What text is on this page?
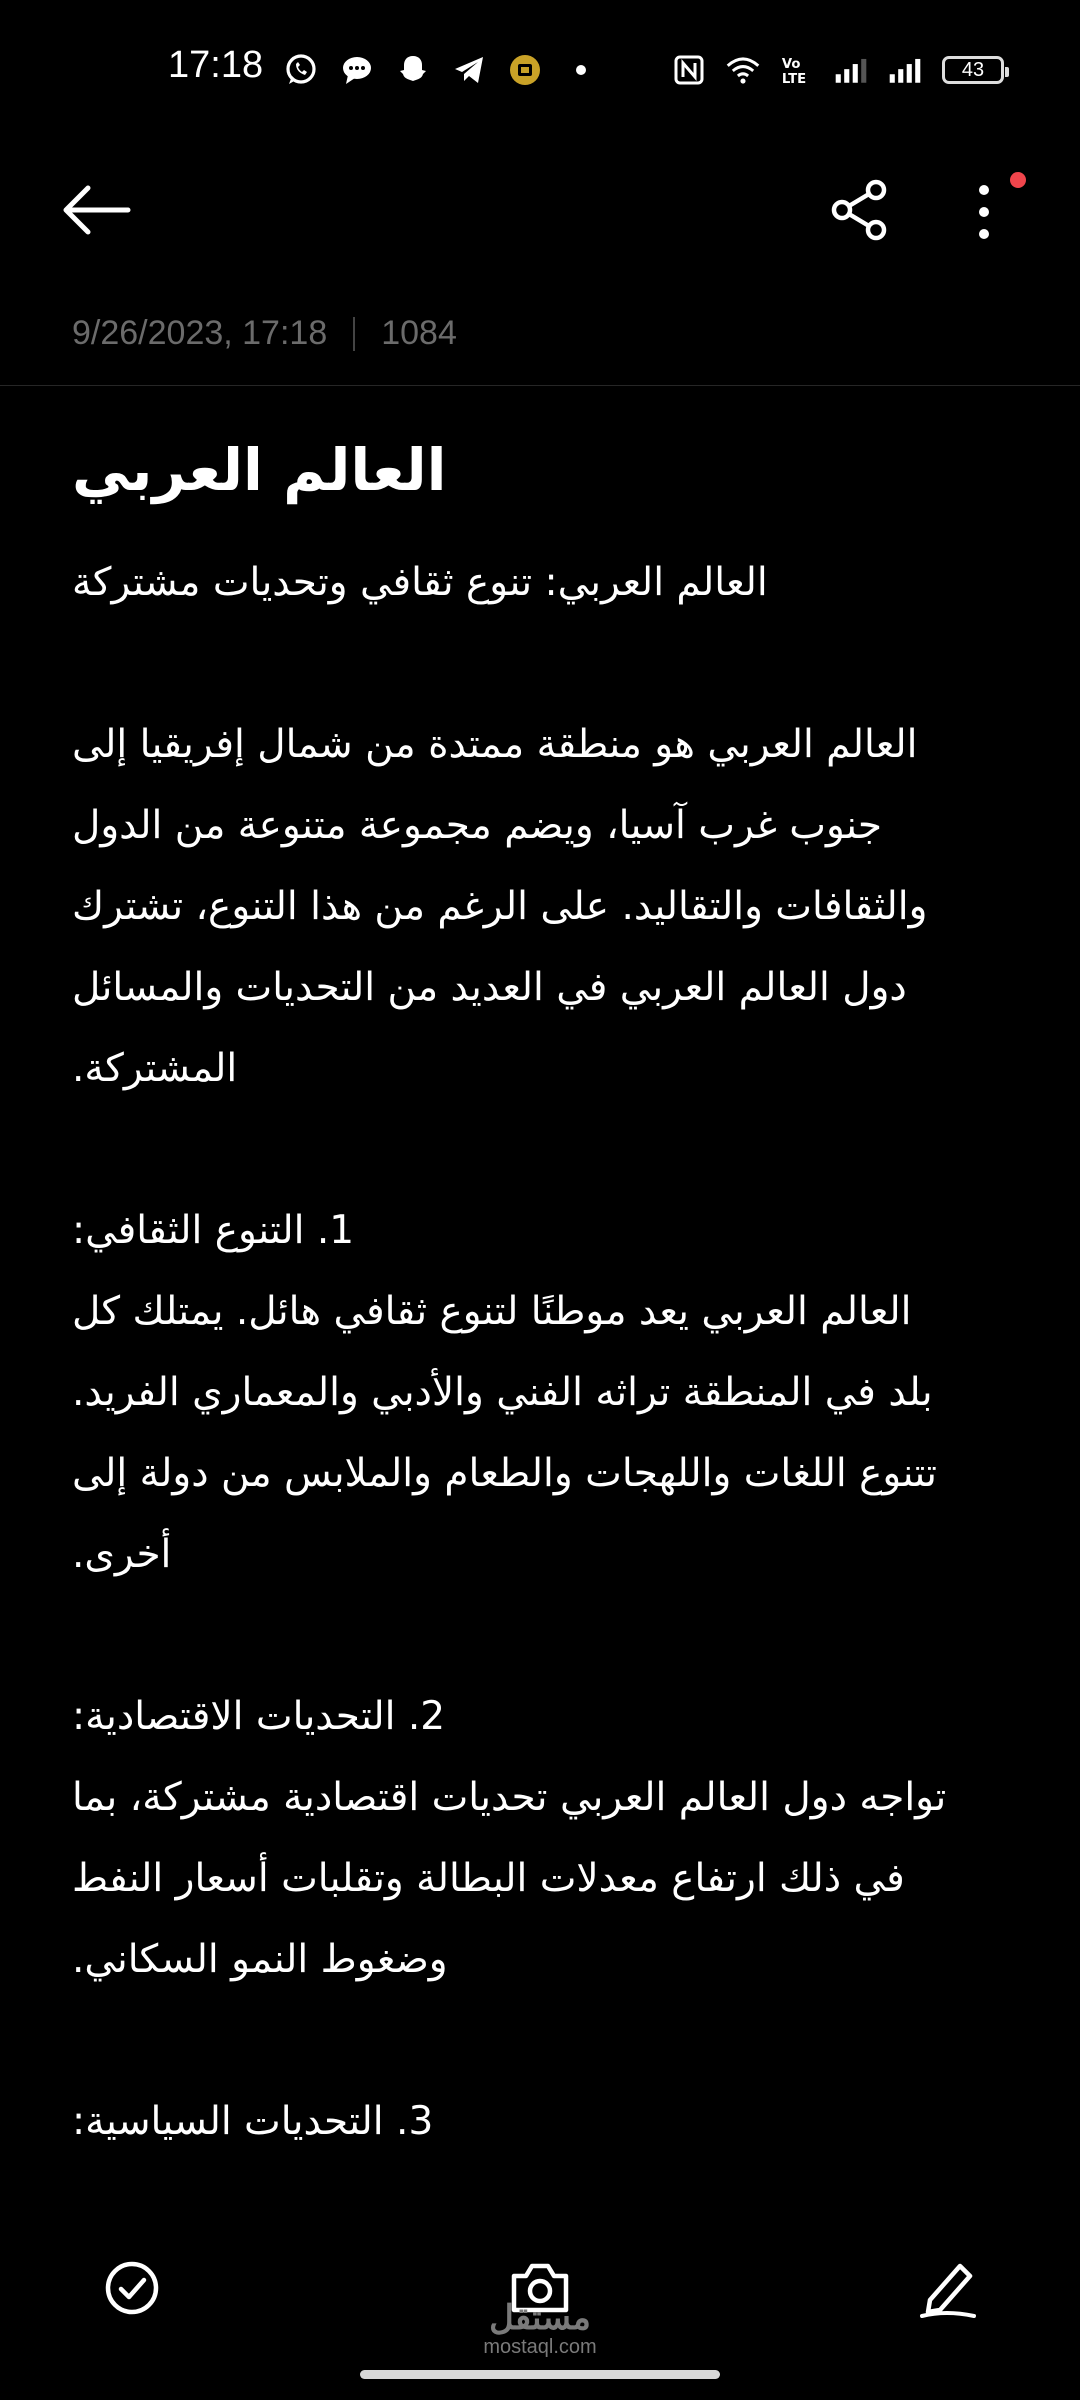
17:18	Vo
LTE	43
9/26/2023, 17:18 1084
العالم العربي

العالم العربي: تنوع ثقافي وتحديات مشتركة

العالم العربي هو منطقة ممتدة من شمال إفريقيا إلى

جنوب غرب آسيا، ويضم مجموعة متنوعة من الدول

والثقافات والتقاليد. على الرغم من هذا التنوع، تشترك

دول العالم العربي في العديد من التحديات والمسائل

المشتركة.

1. التنوع الثقافي:

العالم العربي يعد موطنًا لتنوع ثقافي هائل. يمتلك كل

بلد في المنطقة تراثه الفني والأدبي والمعماري الفريد.

تتنوع اللغات واللهجات والطعام والملابس من دولة إلى

أخرى.

2. التحديات الاقتصادية:

تواجه دول العالم العربي تحديات اقتصادية مشتركة، بما

في ذلك ارتفاع معدلات البطالة وتقلبات أسعار النفط

وضغوط النمو السكاني.

3. التحديات السياسية:

مستقل
mostaql.com
